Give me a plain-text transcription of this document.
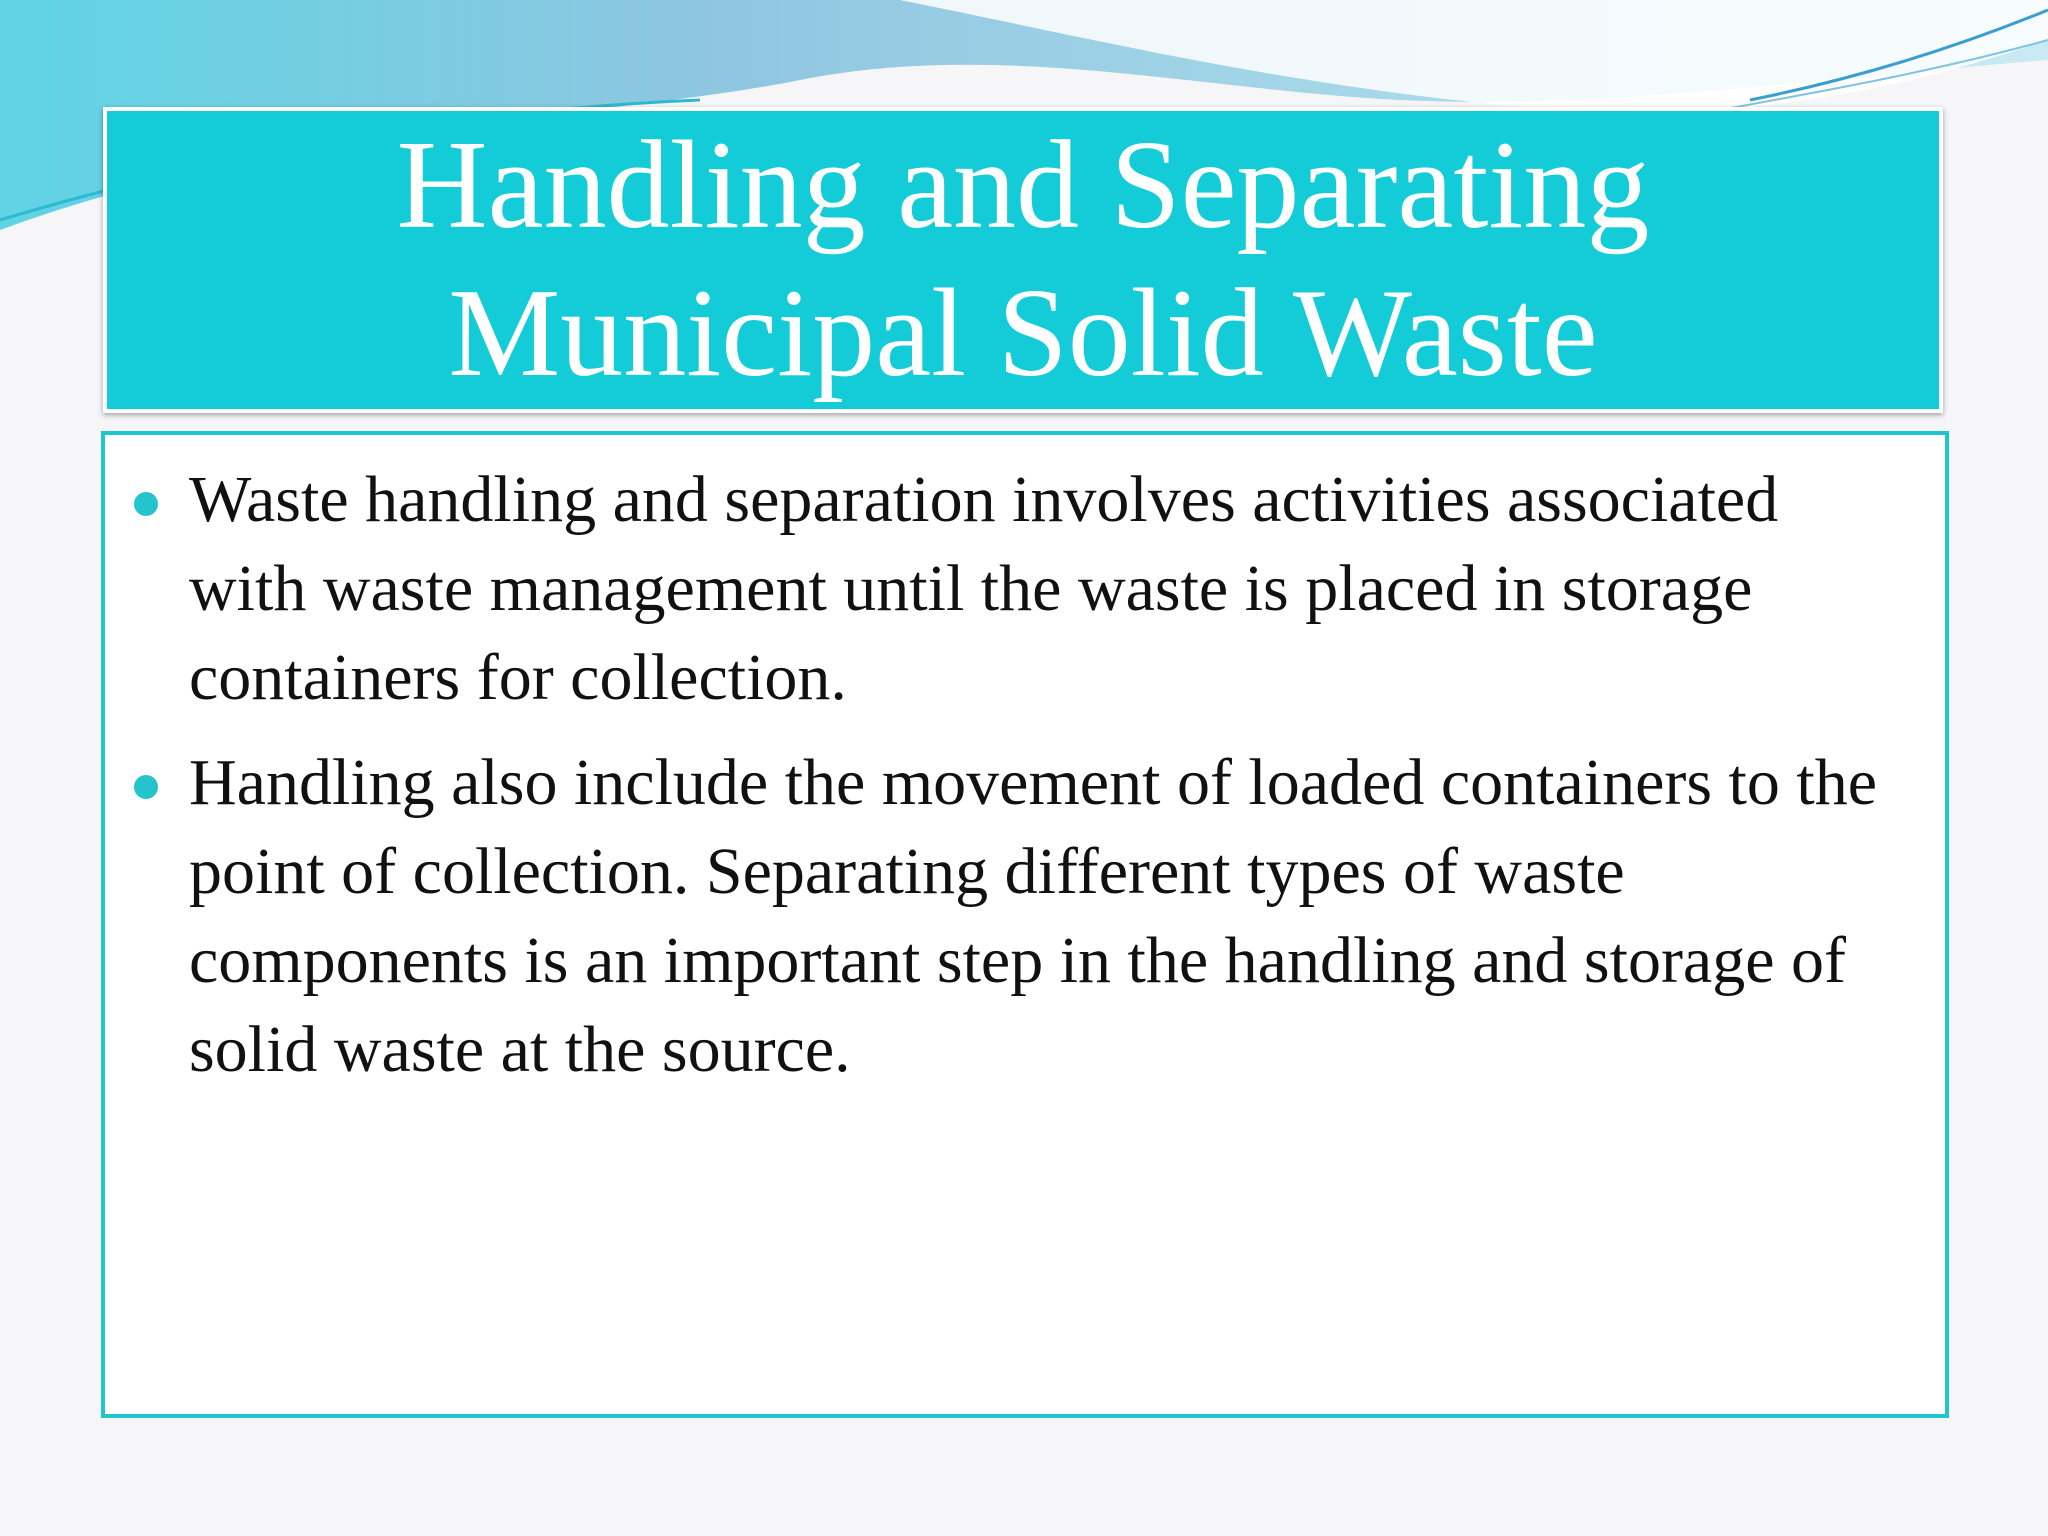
Handling and Separating
Municipal Solid Waste
Waste handling and separation involves activities associated with waste management until the waste is placed in storage containers for collection.
Handling also include the movement of loaded containers to the point of collection. Separating different types of waste components is an important step in the handling and storage of solid waste at the source.
